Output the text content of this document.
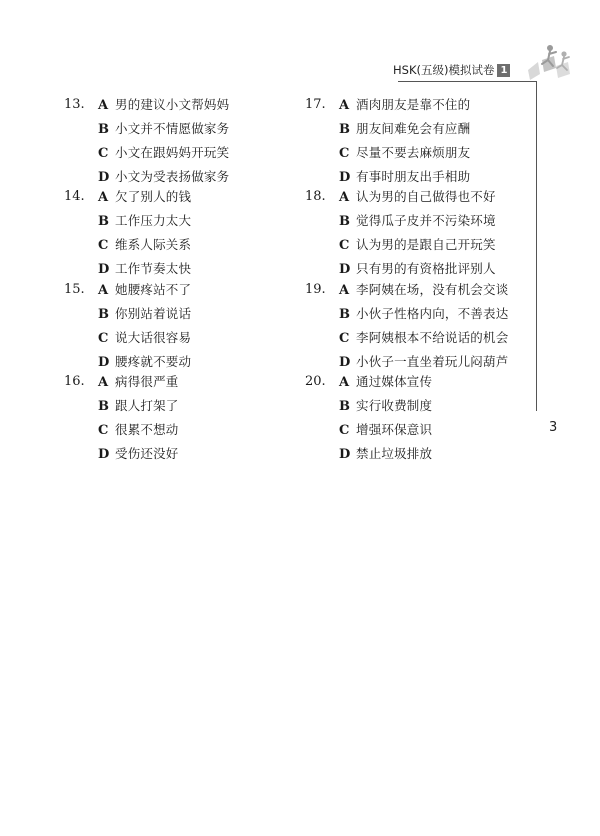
HSK(五级)模拟试卷 1
13.	A 男的建议小文帮妈妈
B 小文并不情愿做家务
C 小文在跟妈妈开玩笑
D 小文为受表扬做家务
14.	A 欠了别人的钱
B 工作压力太大
C 维系人际关系
D 工作节奏太快
15.	A 她腰疼站不了
B 你别站着说话
C 说大话很容易
D 腰疼就不要动
16.	A 病得很严重
B 跟人打架了
C 很累不想动
D 受伤还没好
17.	A 酒肉朋友是靠不住的
B 朋友间难免会有应酬
C 尽量不要去麻烦朋友
D 有事时朋友出手相助
18.	A 认为男的自己做得也不好
B 觉得瓜子皮并不污染环境
C 认为男的是跟自己开玩笑
D 只有男的有资格批评别人
19.	A 李阿姨在场，没有机会交谈
B 小伙子性格内向，不善表达
C 李阿姨根本不给说话的机会
D 小伙子一直坐着玩儿闷葫芦
20.	A 通过媒体宣传
B 实行收费制度
C 增强环保意识
D 禁止垃圾排放
3
